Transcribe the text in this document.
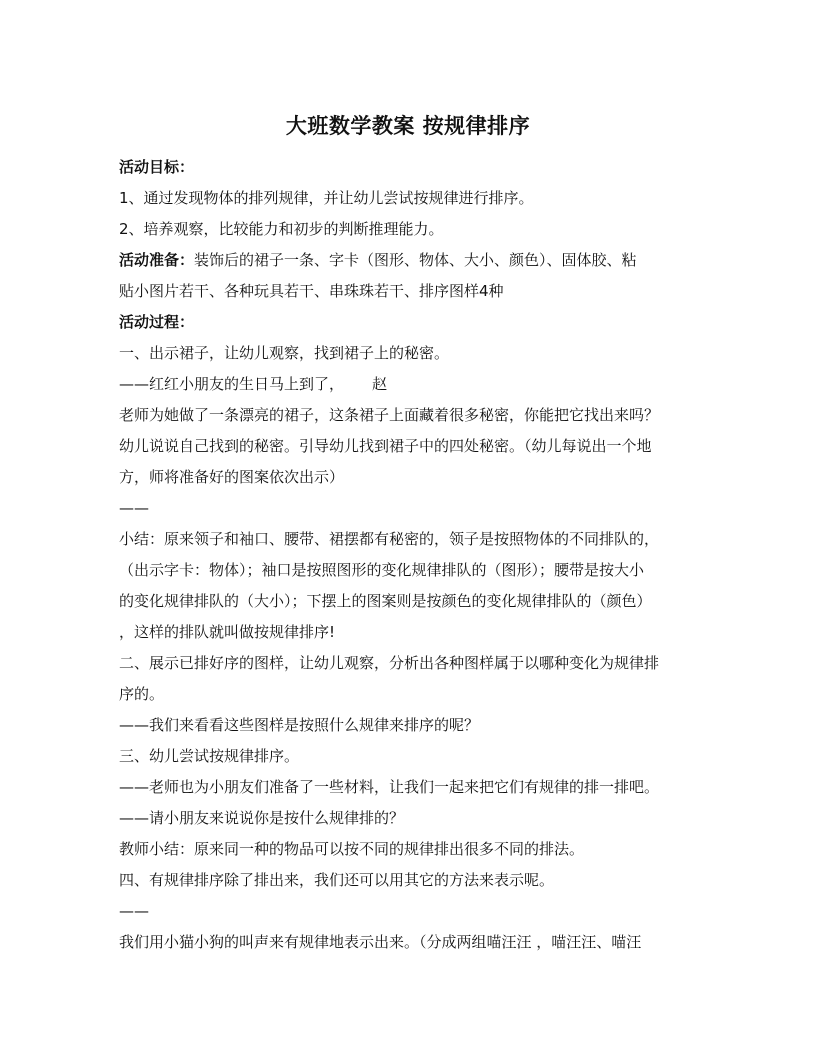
大班数学教案 按规律排序

活动目标：

1、通过发现物体的排列规律，并让幼儿尝试按规律进行排序。

2、培养观察，比较能力和初步的判断推理能力。

活动准备：装饰后的裙子一条、字卡（图形、物体、大小、颜色）、固体胶、粘

贴小图片若干、各种玩具若干、串珠珠若干、排序图样4种

活动过程：

一、出示裙子，让幼儿观察，找到裙子上的秘密。

——红红小朋友的生日马上到了， 赵

老师为她做了一条漂亮的裙子，这条裙子上面藏着很多秘密，你能把它找出来吗？

幼儿说说自己找到的秘密。引导幼儿找到裙子中的四处秘密。（幼儿每说出一个地

方，师将准备好的图案依次出示）

——

小结：原来领子和袖口、腰带、裙摆都有秘密的，领子是按照物体的不同排队的，

（出示字卡：物体）；袖口是按照图形的变化规律排队的（图形）；腰带是按大小

的变化规律排队的（大小）；下摆上的图案则是按颜色的变化规律排队的（颜色）

，这样的排队就叫做按规律排序!

二、展示已排好序的图样，让幼儿观察，分析出各种图样属于以哪种变化为规律排

序的。

——我们来看看这些图样是按照什么规律来排序的呢？

三、幼儿尝试按规律排序。

——老师也为小朋友们准备了一些材料，让我们一起来把它们有规律的排一排吧。

——请小朋友来说说你是按什么规律排的？

教师小结：原来同一种的物品可以按不同的规律排出很多不同的排法。

四、有规律排序除了排出来，我们还可以用其它的方法来表示呢。

——

我们用小猫小狗的叫声来有规律地表示出来。（分成两组喵汪汪 ，喵汪汪、喵汪
